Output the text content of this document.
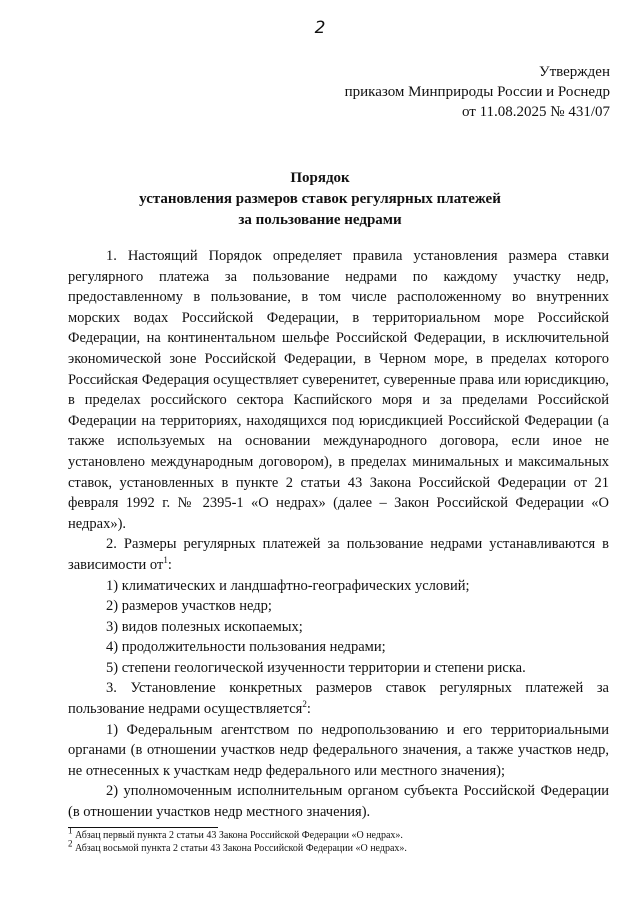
2
Утвержден
приказом Минприроды России и Роснедр
от 11.08.2025 № 431/07
Порядок
установления размеров ставок регулярных платежей
за пользование недрами

1. Настоящий Порядок определяет правила установления размера ставки регулярного платежа за пользование недрами по каждому участку недр, предоставленному в пользование, в том числе расположенному во внутренних морских водах Российской Федерации, в территориальном море Российской Федерации, на континентальном шельфе Российской Федерации, в исключительной экономической зоне Российской Федерации, в Черном море, в пределах которого Российская Федерация осуществляет суверенитет, суверенные права или юрисдикцию, в пределах российского сектора Каспийского моря и за пределами Российской Федерации на территориях, находящихся под юрисдикцией Российской Федерации (а также используемых на основании международного договора, если иное не установлено международным договором), в пределах минимальных и максимальных ставок, установленных в пункте 2 статьи 43 Закона Российской Федерации от 21 февраля 1992 г. № 2395-1 «О недрах» (далее – Закон Российской Федерации «О недрах»).

2. Размеры регулярных платежей за пользование недрами устанавливаются в зависимости $от^1$:

1) климатических и ландшафтно-географических условий;

2) размеров участков недр;

3) видов полезных ископаемых;

4) продолжительности пользования недрами;

5) степени геологической изученности территории и степени риска.

3. Установление конкретных размеров ставок регулярных платежей за пользование недрами осуществляется$^2$:

1) Федеральным агентством по недропользованию и его территориальными органами (в отношении участков недр федерального значения, а также участков недр, не отнесенных к участкам недр федерального или местного значения);

2) уполномоченным исполнительным органом субъекта Российской Федерации (в отношении участков недр местного значения).

$^1$ Абзац первый пункта 2 статьи 43 Закона Российской Федерации «О недрах».
$^2$ Абзац восьмой пункта 2 статьи 43 Закона Российской Федерации «О недрах».
